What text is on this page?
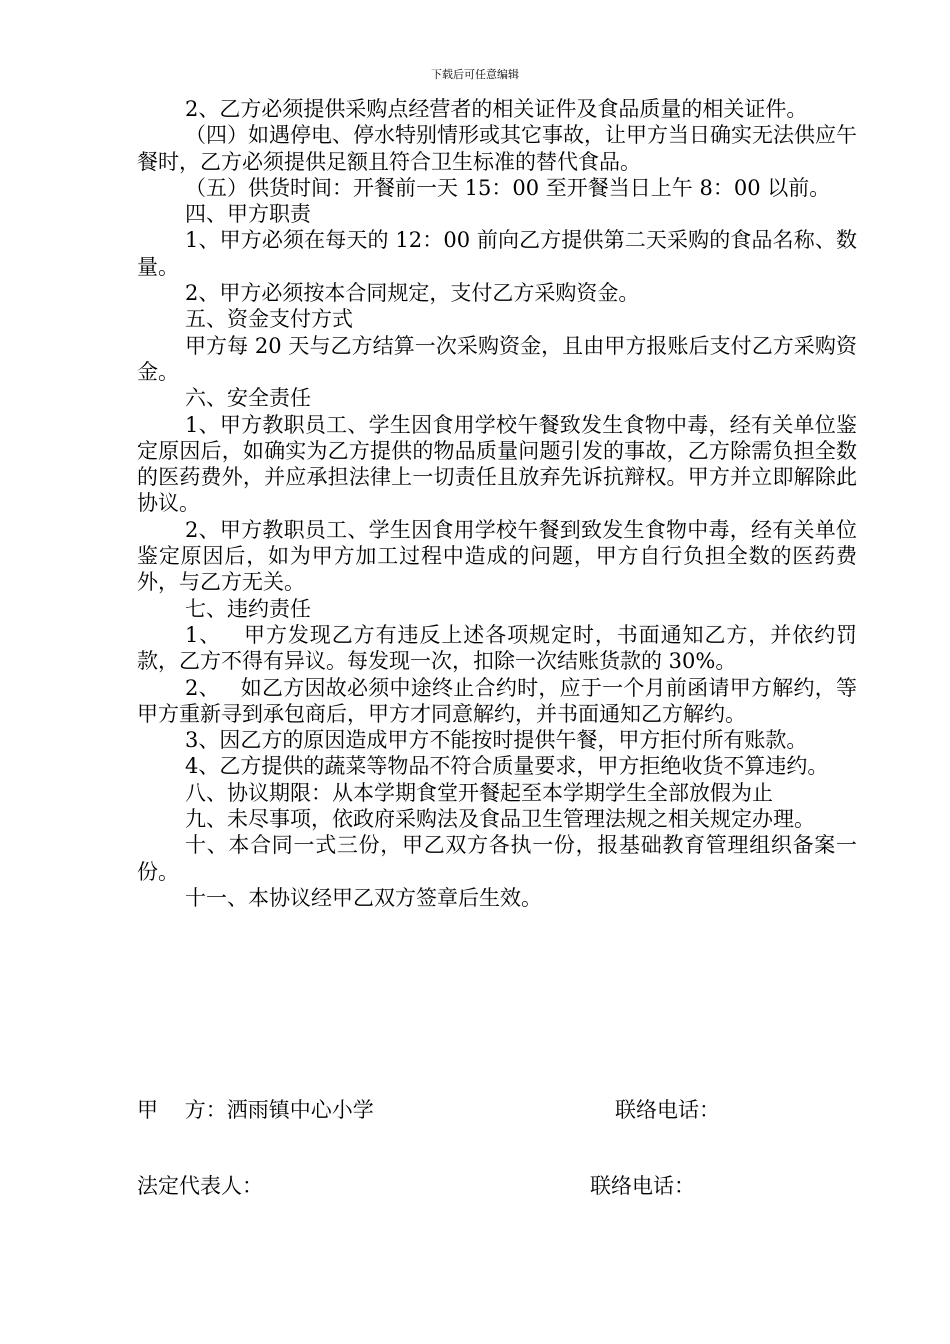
下载后可任意编辑

2、乙方必须提供采购点经营者的相关证件及食品质量的相关证件。

（四）如遇停电、停水特别情形或其它事故，让甲方当日确实无法供应午餐时，乙方必须提供足额且符合卫生标准的替代食品。

（五）供货时间：开餐前一天 15：00 至开餐当日上午 8：00 以前。

四、甲方职责

1、甲方必须在每天的 12：00 前向乙方提供第二天采购的食品名称、数量。

2、甲方必须按本合同规定，支付乙方采购资金。

五、资金支付方式

甲方每 20 天与乙方结算一次采购资金，且由甲方报账后支付乙方采购资金。

六、安全责任

1、甲方教职员工、学生因食用学校午餐致发生食物中毒，经有关单位鉴定原因后，如确实为乙方提供的物品质量问题引发的事故，乙方除需负担全数的医药费外，并应承担法律上一切责任且放弃先诉抗辩权。甲方并立即解除此协议。

2、甲方教职员工、学生因食用学校午餐到致发生食物中毒，经有关单位鉴定原因后，如为甲方加工过程中造成的问题，甲方自行负担全数的医药费外，与乙方无关。

七、违约责任

1、   甲方发现乙方有违反上述各项规定时，书面通知乙方，并依约罚款，乙方不得有异议。每发现一次，扣除一次结账货款的 30%。

2、   如乙方因故必须中途终止合约时，应于一个月前函请甲方解约，等甲方重新寻到承包商后，甲方才同意解约，并书面通知乙方解约。

3、因乙方的原因造成甲方不能按时提供午餐，甲方拒付所有账款。

4、乙方提供的蔬菜等物品不符合质量要求，甲方拒绝收货不算违约。

八、协议期限：从本学期食堂开餐起至本学期学生全部放假为止

九、未尽事项，依政府采购法及食品卫生管理法规之相关规定办理。

十、本合同一式三份，甲乙双方各执一份，报基础教育管理组织备案一份。

十一、本协议经甲乙双方签章后生效。

甲    方：洒雨镇中心小学	联络电话：
法定代表人：	联络电话：
